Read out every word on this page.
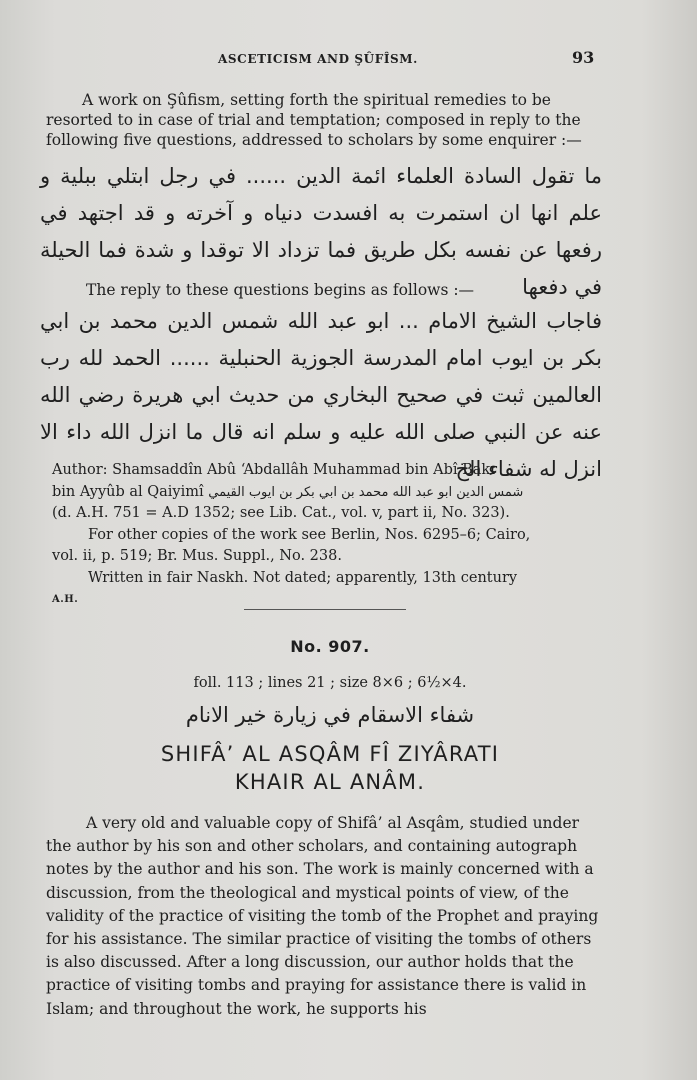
ASCETICISM AND ŞÛFÎSM.	93

A work on Şûfism, setting forth the spiritual remedies to be resorted to in case of trial and temptation; composed in reply to the following five questions, addressed to scholars by some enquirer :—

ما تقول السادة العلماء ائمة الدين ...... في رجل ابتلي ببلية و علم انها ان استمرت به افسدت دنياه و آخرته و قد اجتهد في رفعها عن نفسه بكل طريق فما تزداد الا توقدا و شدة فما الحيلة في دفعها

The reply to these questions begins as follows :—

فاجاب الشيخ الامام ... ابو عبد الله شمس الدين محمد بن ابي بكر بن ايوب امام المدرسة الجوزية الحنبلية ...... الحمد لله رب العالمين ثبت في صحيح البخاري من حديث ابي هريرة رضي الله عنه عن النبي صلى الله عليه و سلم انه قال ما انزل الله داء الا انزل له شفاء الخ

Author: Shamsaddîn Abû ‘Abdallâh Muhammad bin Abî Bakr
bin Ayyûb al Qaiyimî شمس الدين ابو عبد الله محمد بن ابي بكر بن ايوب القيمي
(d. A.H. 751 = A.D 1352; see Lib. Cat., vol. v, part ii, No. 323).
For other copies of the work see Berlin, Nos. 6295–6; Cairo,
vol. ii, p. 519; Br. Mus. Suppl., No. 238.
Written in fair Naskh. Not dated; apparently, 13th century
A.H.
No. 907.
foll. 113 ; lines 21 ; size 8×6 ; 6½×4.
شفاء الاسقام في زيارة خير الانام
SHIFÂ’ AL ASQÂM FÎ ZIYÂRATI
KHAIR AL ANÂM.

A very old and valuable copy of Shifâ’ al Asqâm, studied under the author by his son and other scholars, and containing autograph notes by the author and his son. The work is mainly concerned with a discussion, from the theological and mystical points of view, of the validity of the practice of visiting the tomb of the Prophet and praying for his assistance. The similar practice of visiting the tombs of others is also discussed. After a long discussion, our author holds that the practice of visiting tombs and praying for assistance there is valid in Islam; and throughout the work, he supports his
